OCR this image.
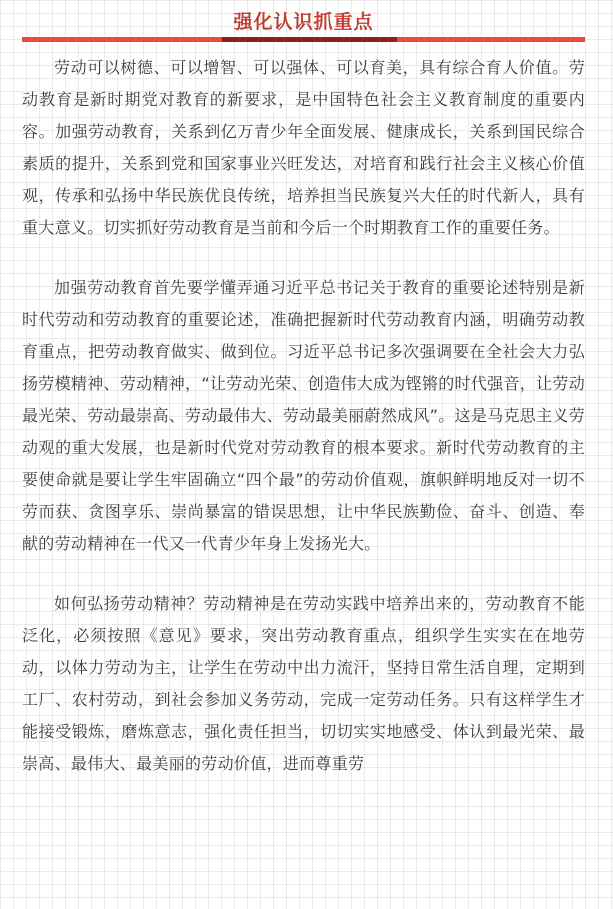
强化认识抓重点

劳动可以树德、可以增智、可以强体、可以育美，具有综合育人价值。劳动教育是新时期党对教育的新要求，是中国特色社会主义教育制度的重要内容。加强劳动教育，关系到亿万青少年全面发展、健康成长，关系到国民综合素质的提升，关系到党和国家事业兴旺发达，对培育和践行社会主义核心价值观，传承和弘扬中华民族优良传统，培养担当民族复兴大任的时代新人，具有重大意义。切实抓好劳动教育是当前和今后一个时期教育工作的重要任务。

加强劳动教育首先要学懂弄通习近平总书记关于教育的重要论述特别是新时代劳动和劳动教育的重要论述，准确把握新时代劳动教育内涵，明确劳动教育重点，把劳动教育做实、做到位。习近平总书记多次强调要在全社会大力弘扬劳模精神、劳动精神，“让劳动光荣、创造伟大成为铿锵的时代强音，让劳动最光荣、劳动最崇高、劳动最伟大、劳动最美丽蔚然成风”。这是马克思主义劳动观的重大发展，也是新时代党对劳动教育的根本要求。新时代劳动教育的主要使命就是要让学生牢固确立“四个最”的劳动价值观，旗帜鲜明地反对一切不劳而获、贪图享乐、崇尚暴富的错误思想，让中华民族勤俭、奋斗、创造、奉献的劳动精神在一代又一代青少年身上发扬光大。

如何弘扬劳动精神？劳动精神是在劳动实践中培养出来的，劳动教育不能泛化，必须按照《意见》要求，突出劳动教育重点，组织学生实实在在地劳动，以体力劳动为主，让学生在劳动中出力流汗，坚持日常生活自理，定期到工厂、农村劳动，到社会参加义务劳动，完成一定劳动任务。只有这样学生才能接受锻炼，磨炼意志，强化责任担当，切切实实地感受、体认到最光荣、最崇高、最伟大、最美丽的劳动价值，进而尊重劳
